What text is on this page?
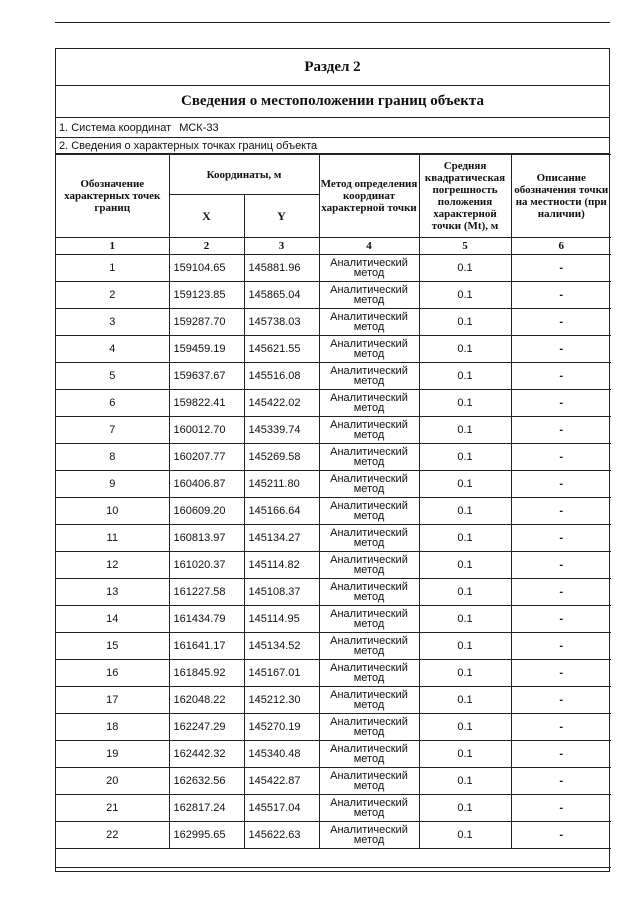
Раздел 2
Сведения о местоположении границ объекта
1. Система координат МСК-33
2. Сведения о характерных точках границ объекта
Обозначение характерных точек границ	Координаты, м		Метод определения координат характерной точки	Средняя квадратическая погрешность положения характерной точки (Mt), м	Описание обозначения точки на местности (при наличии)
	X	Y			
1	2	3	4	5	6
1	159104.65	145881.96	Аналитический метод	0.1	-
2	159123.85	145865.04	Аналитический метод	0.1	-
3	159287.70	145738.03	Аналитический метод	0.1	-
4	159459.19	145621.55	Аналитический метод	0.1	-
5	159637.67	145516.08	Аналитический метод	0.1	-
6	159822.41	145422.02	Аналитический метод	0.1	-
7	160012.70	145339.74	Аналитический метод	0.1	-
8	160207.77	145269.58	Аналитический метод	0.1	-
9	160406.87	145211.80	Аналитический метод	0.1	-
10	160609.20	145166.64	Аналитический метод	0.1	-
11	160813.97	145134.27	Аналитический метод	0.1	-
12	161020.37	145114.82	Аналитический метод	0.1	-
13	161227.58	145108.37	Аналитический метод	0.1	-
14	161434.79	145114.95	Аналитический метод	0.1	-
15	161641.17	145134.52	Аналитический метод	0.1	-
16	161845.92	145167.01	Аналитический метод	0.1	-
17	162048.22	145212.30	Аналитический метод	0.1	-
18	162247.29	145270.19	Аналитический метод	0.1	-
19	162442.32	145340.48	Аналитический метод	0.1	-
20	162632.56	145422.87	Аналитический метод	0.1	-
21	162817.24	145517.04	Аналитический метод	0.1	-
22	162995.65	145622.63	Аналитический метод	0.1	-
